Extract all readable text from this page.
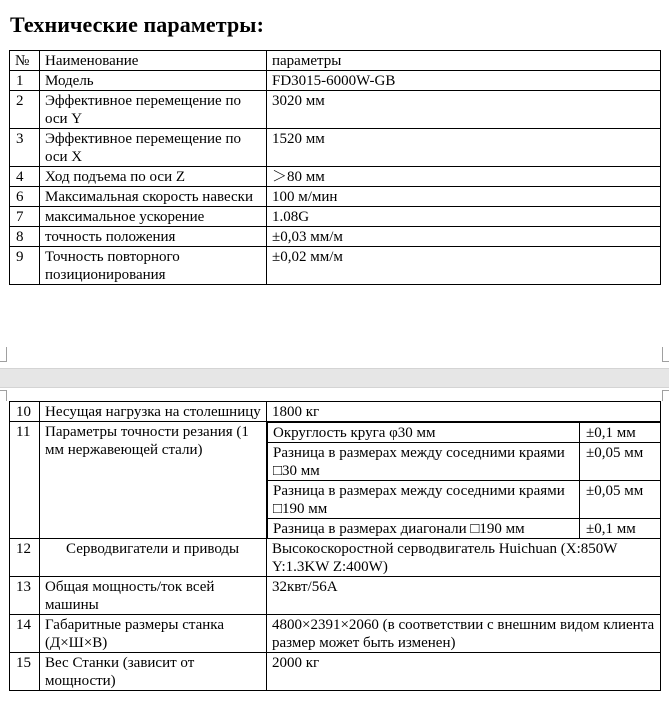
Технические параметры:
№	Наименование	параметры
1	Модель	FD3015-6000W-GB
2	Эффективное перемещение по оси Y	3020 мм
3	Эффективное перемещение по оси X	1520 мм
4	Ход подъема по оси Z	＞80 мм
6	Максимальная скорость навески	100 м/мин
7	максимальное ускорение	1.08G
8	точность положения	±0,03 мм/м
9	Точность повторного позиционирования	±0,02 мм/м
10	Несущая нагрузка на столешницу	1800 кг
11	Параметры точности резания (1 мм нержавеющей стали)	
Округлость круга φ30 мм	±0,1 мм
Разница в размерах между соседними краями □30 мм	±0,05 мм
Разница в размерах между соседними краями □190 мм	±0,05 мм
Разница в размерах диагонали □190 мм	±0,1 мм

12	Серводвигатели и приводы	Высокоскоростной серводвигатель Huichuan (X:850W Y:1.3KW Z:400W)
13	Общая мощность/ток всей машины	32квт/56A
14	Габаритные размеры станка (Д×Ш×В)	4800×2391×2060 (в соответствии с внешним видом клиента размер может быть изменен)
15	Вес Станки (зависит от мощности)	2000 кг
